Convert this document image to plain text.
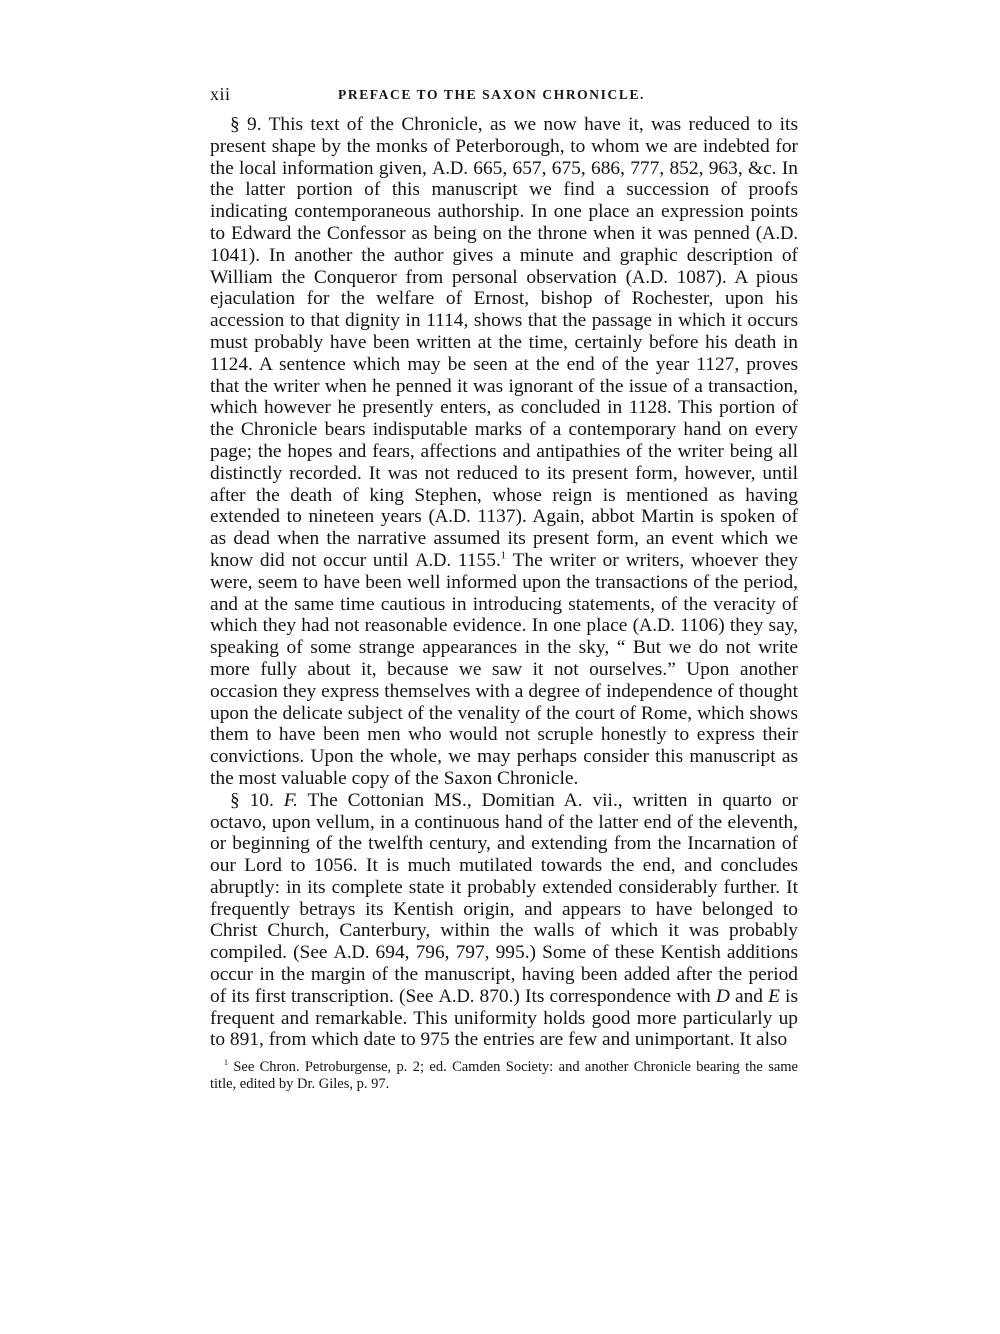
xii	PREFACE TO THE SAXON CHRONICLE.

§ 9. This text of the Chronicle, as we now have it, was reduced to its present shape by the monks of Peterborough, to whom we are indebted for the local information given, A.D. 665, 657, 675, 686, 777, 852, 963, &c. In the latter portion of this manuscript we find a succession of proofs indicating contemporaneous authorship. In one place an expression points to Edward the Confessor as being on the throne when it was penned (A.D. 1041). In another the author gives a minute and graphic description of William the Conqueror from personal observation (A.D. 1087). A pious ejaculation for the welfare of Ernost, bishop of Rochester, upon his accession to that dignity in 1114, shows that the passage in which it occurs must probably have been written at the time, certainly before his death in 1124. A sentence which may be seen at the end of the year 1127, proves that the writer when he penned it was ignorant of the issue of a transaction, which however he presently enters, as concluded in 1128. This portion of the Chronicle bears indisputable marks of a contemporary hand on every page; the hopes and fears, affections and antipathies of the writer being all distinctly recorded. It was not reduced to its present form, however, until after the death of king Stephen, whose reign is mentioned as having extended to nineteen years (A.D. 1137). Again, abbot Martin is spoken of as dead when the narrative assumed its present form, an event which we know did not occur until A.D. 1155.$^1$ The writer or writers, whoever they were, seem to have been well informed upon the transactions of the period, and at the same time cautious in introducing statements, of the veracity of which they had not reasonable evidence. In one place (A.D. 1106) they say, speaking of some strange appearances in the sky, “ But we do not write more fully about it, because we saw it not ourselves.” Upon another occasion they express themselves with a degree of independence of thought upon the delicate subject of the venality of the court of Rome, which shows them to have been men who would not scruple honestly to express their convictions. Upon the whole, we may perhaps consider this manuscript as the most valuable copy of the Saxon Chronicle.

§ 10. F. The Cottonian MS., Domitian A. vii., written in quarto or octavo, upon vellum, in a continuous hand of the latter end of the eleventh, or beginning of the twelfth century, and extending from the Incarnation of our Lord to 1056. It is much mutilated towards the end, and concludes abruptly: in its complete state it probably extended considerably further. It frequently betrays its Kentish origin, and appears to have belonged to Christ Church, Canterbury, within the walls of which it was probably compiled. (See A.D. 694, 796, 797, 995.) Some of these Kentish additions occur in the margin of the manuscript, having been added after the period of its first transcription. (See A.D. 870.) Its correspondence with D and E is frequent and remarkable. This uniformity holds good more particularly up to 891, from which date to 975 the entries are few and unimportant. It also

$^1$ See Chron. Petroburgense, p. 2; ed. Camden Society: and another Chronicle bearing the same title, edited by Dr. Giles, p. 97.
